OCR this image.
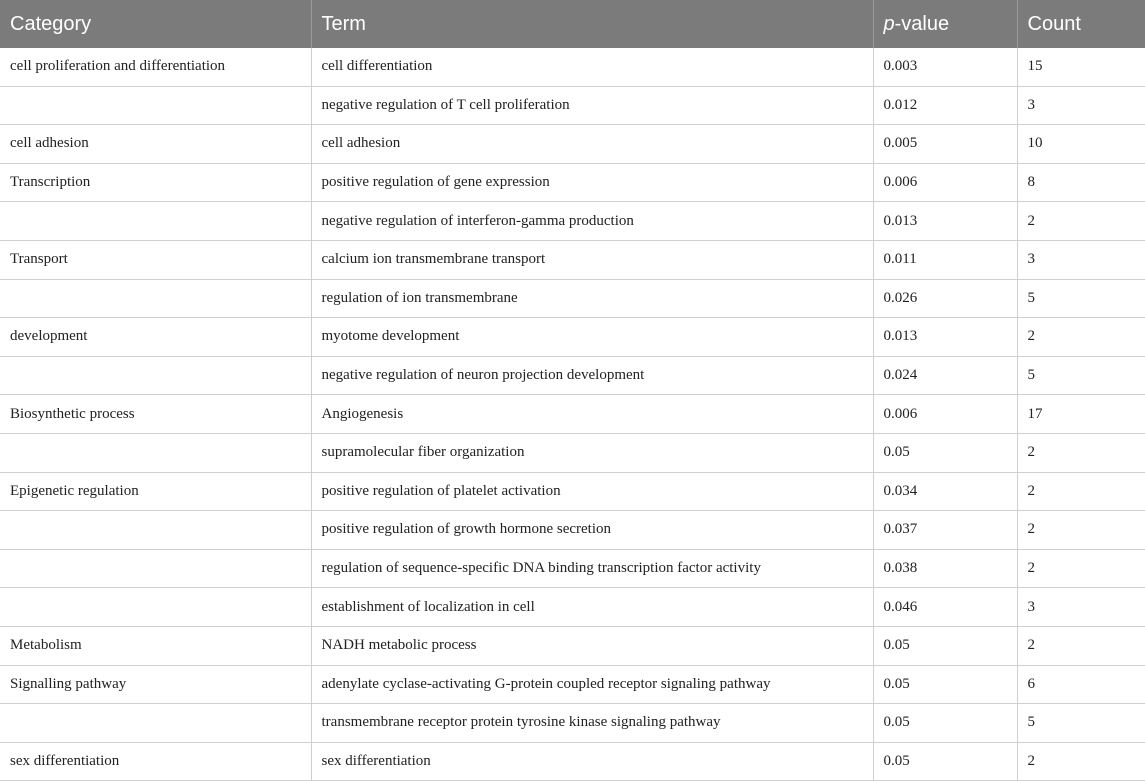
Category	Term	p-value	Count
cell proliferation and differentiation	cell differentiation	0.003	15
	negative regulation of T cell proliferation	0.012	3
cell adhesion	cell adhesion	0.005	10
Transcription	positive regulation of gene expression	0.006	8
	negative regulation of interferon-gamma production	0.013	2
Transport	calcium ion transmembrane transport	0.011	3
	regulation of ion transmembrane	0.026	5
development	myotome development	0.013	2
	negative regulation of neuron projection development	0.024	5
Biosynthetic process	Angiogenesis	0.006	17
	supramolecular fiber organization	0.05	2
Epigenetic regulation	positive regulation of platelet activation	0.034	2
	positive regulation of growth hormone secretion	0.037	2
	regulation of sequence-specific DNA binding transcription factor activity	0.038	2
	establishment of localization in cell	0.046	3
Metabolism	NADH metabolic process	0.05	2
Signalling pathway	adenylate cyclase-activating G-protein coupled receptor signaling pathway	0.05	6
	transmembrane receptor protein tyrosine kinase signaling pathway	0.05	5
sex differentiation	sex differentiation	0.05	2
